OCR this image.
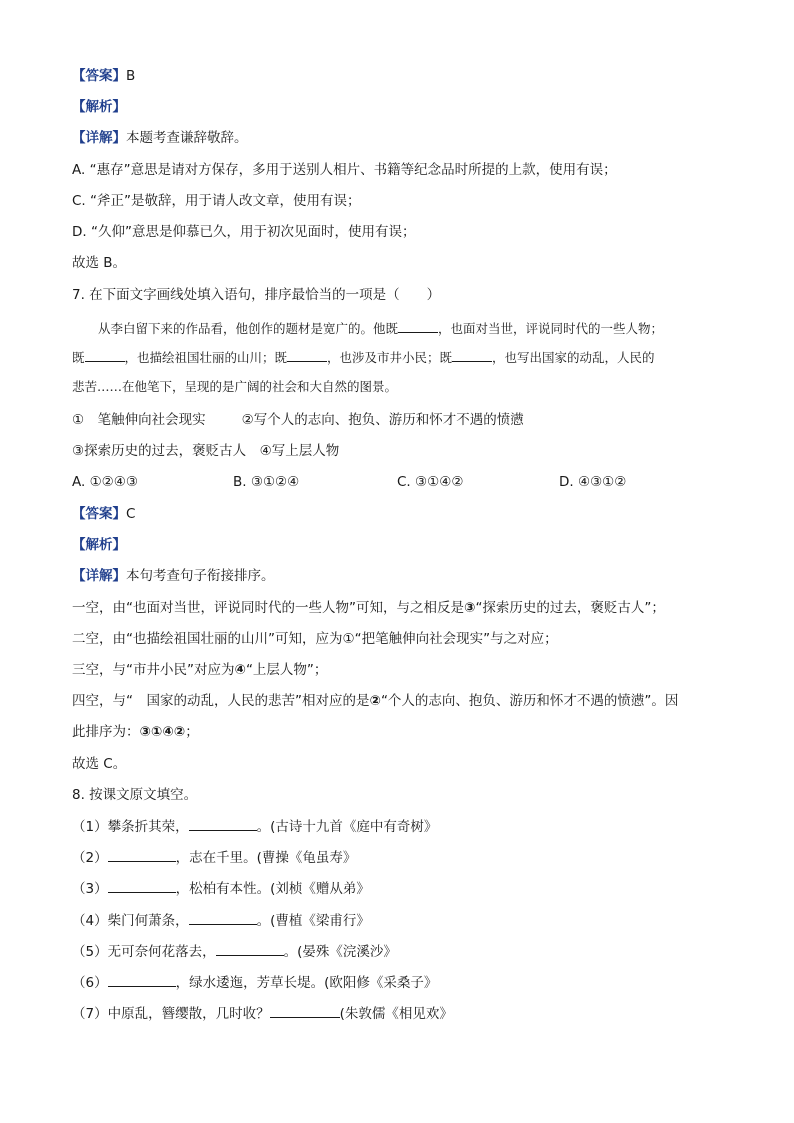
【答案】B
【解析】
【详解】本题考查谦辞敬辞。
A. “惠存”意思是请对方保存，多用于送别人相片、书籍等纪念品时所提的上款，使用有误；
C. “斧正”是敬辞，用于请人改文章，使用有误；
D. “久仰”意思是仰慕已久，用于初次见面时，使用有误；
故选 B。
7. 在下面文字画线处填入语句，排序最恰当的一项是（　　）
从李白留下来的作品看，他创作的题材是宽广的。他既	，也面对当世，评说同时代的一些人物；
既	，也描绘祖国壮丽的山川；既	，也涉及市井小民；既	，也写出国家的动乱，人民的
悲苦……在他笔下，呈现的是广阔的社会和大自然的图景。
①　笔触伸向社会现实	②写个人的志向、抱负、游历和怀才不遇的愤懑
③探索历史的过去，褒贬古人　④写上层人物
A. ①②④③	B. ③①②④	C. ③①④②	D. ④③①②
【答案】C
【解析】
【详解】本句考查句子衔接排序。
一空，由“也面对当世，评说同时代的一些人物”可知，与之相反是③“探索历史的过去，褒贬古人”；
二空，由“也描绘祖国壮丽的山川”可知，应为①“把笔触伸向社会现实”与之对应；
三空，与“市井小民”对应为④“上层人物”；
四空，与“　国家的动乱，人民的悲苦”相对应的是②“个人的志向、抱负、游历和怀才不遇的愤懑”。因
此排序为：③①④②；
故选 C。
8. 按课文原文填空。
（1）攀条折其荣，	。(古诗十九首《庭中有奇树》
（2）	，志在千里。(曹操《龟虽寿》
（3）	，松柏有本性。(刘桢《赠从弟》
（4）柴门何萧条，	。(曹植《梁甫行》
（5）无可奈何花落去，	。(晏殊《浣溪沙》
（6）	，绿水逶迤，芳草长堤。(欧阳修《采桑子》
（7）中原乱，簪缨散，几时收？	(朱敦儒《相见欢》
